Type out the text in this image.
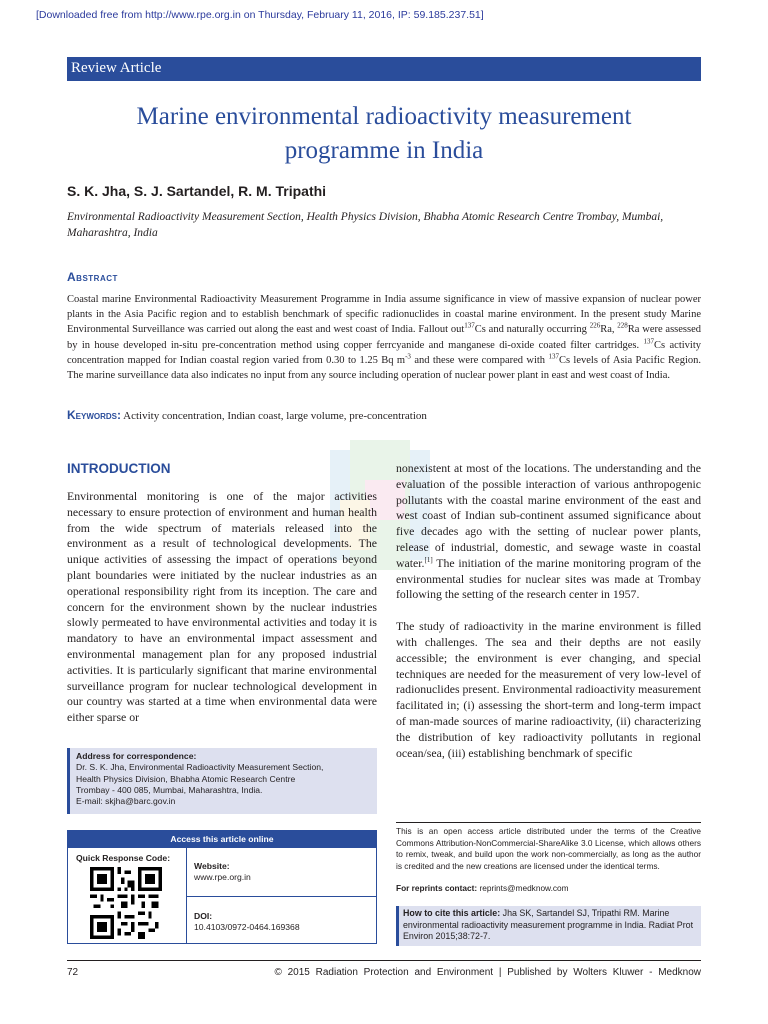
[Downloaded free from http://www.rpe.org.in on Thursday, February 11, 2016, IP: 59.185.237.51]
Review Article
Marine environmental radioactivity measurement
programme in India
S. K. Jha, S. J. Sartandel, R. M. Tripathi
Environmental Radioactivity Measurement Section, Health Physics Division, Bhabha Atomic Research Centre Trombay, Mumbai, Maharashtra, India
Abstract
Coastal marine Environmental Radioactivity Measurement Programme in India assume significance in view of massive expansion of nuclear power plants in the Asia Pacific region and to establish benchmark of specific radionuclides in coastal marine environment. In the present study Marine Environmental Surveillance was carried out along the east and west coast of India. Fallout out$^{137}$Cs and naturally occurring $^{226}$Ra, $^{228}$Ra were assessed by in house developed in-situ pre-concentration method using copper ferrcyanide and manganese di-oxide coated filter cartridges. $^{137}$Cs activity concentration mapped for Indian coastal region varied from 0.30 to 1.25 Bq $m^{-3}$ and these were compared with $^{137}$Cs levels of Asia Pacific Region. The marine surveillance data also indicates no input from any source including operation of nuclear power plant in east and west coast of India.
Keywords: Activity concentration, Indian coast, large volume, pre-concentration
INTRODUCTION
Environmental monitoring is one of the major activities necessary to ensure protection of environment and human health from the wide spectrum of materials released into the environment as a result of technological developments. The unique activities of assessing the impact of operations beyond plant boundaries were initiated by the nuclear industries as an operational responsibility right from its inception. The care and concern for the environment shown by the nuclear industries slowly permeated to have environmental activities and today it is mandatory to have an environmental impact assessment and environmental management plan for any proposed industrial activities. It is particularly significant that marine environmental surveillance program for nuclear technological development in our country was started at a time when environmental data were either sparse or

nonexistent at most of the locations. The understanding and the evaluation of the possible interaction of various anthropogenic pollutants with the coastal marine environment of the east and west coast of Indian sub-continent assumed significance about five decades ago with the setting of nuclear power plants, release of industrial, domestic, and sewage waste in coastal water.[1] The initiation of the marine monitoring program of the environmental studies for nuclear sites was made at Trombay following the setting of the research center in 1957.

The study of radioactivity in the marine environment is filled with challenges. The sea and their depths are not easily accessible; the environment is ever changing, and special techniques are needed for the measurement of very low-level of radionuclides present. Environmental radioactivity measurement facilitated in; (i) assessing the short-term and long-term impact of man-made sources of marine radioactivity, (ii) characterizing the distribution of key radioactivity pollutants in regional ocean/sea, (iii) establishing benchmark of specific

Address for correspondence:
Dr. S. K. Jha, Environmental Radioactivity Measurement Section,
Health Physics Division, Bhabha Atomic Research Centre
Trombay - 400 085, Mumbai, Maharashtra, India.
E-mail: skjha@barc.gov.in
Access this article online
Quick Response Code:
Website:
www.rpe.org.in
DOI:
10.4103/0972-0464.169368
This is an open access article distributed under the terms of the Creative Commons Attribution-NonCommercial-ShareAlike 3.0 License, which allows others to remix, tweak, and build upon the work non-commercially, as long as the author is credited and the new creations are licensed under the identical terms.
For reprints contact: reprints@medknow.com
How to cite this article: Jha SK, Sartandel SJ, Tripathi RM. Marine environmental radioactivity measurement programme in India. Radiat Prot Environ 2015;38:72-7.
72	© 2015 Radiation Protection and Environment | Published by Wolters Kluwer - Medknow
